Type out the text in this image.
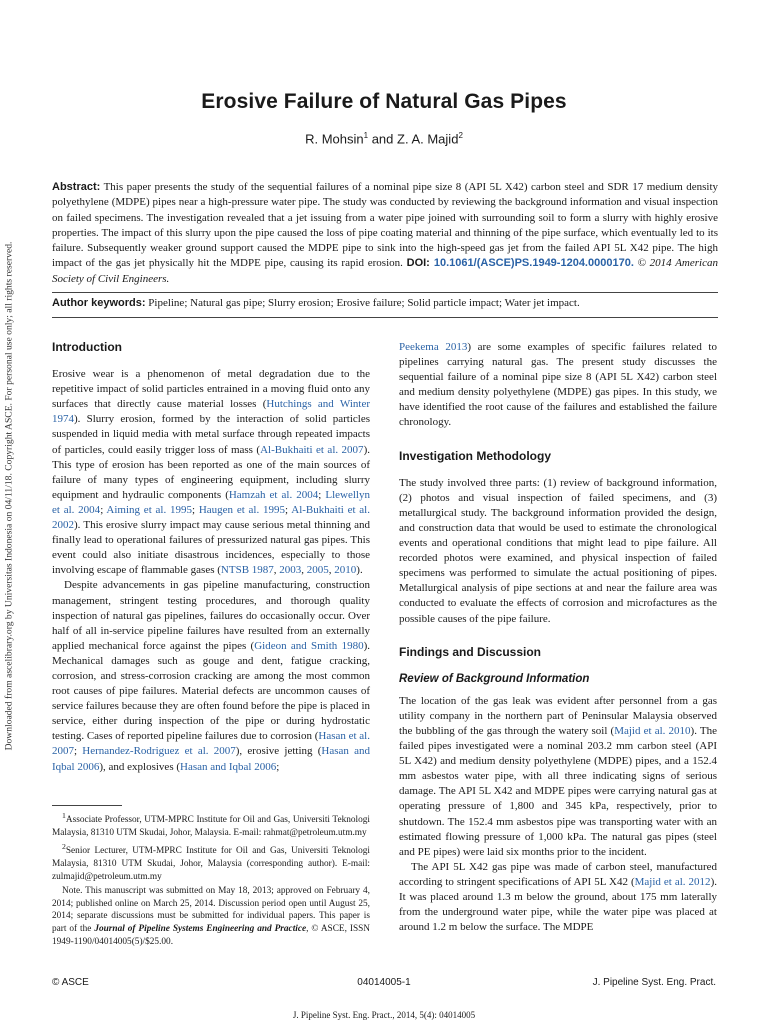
Downloaded from ascelibrary.org by Universitas Indonesia on 04/11/18. Copyright ASCE. For personal use only; all rights reserved.
Erosive Failure of Natural Gas Pipes
R. Mohsin$^1$ and Z. A. Majid$^2$
Abstract: This paper presents the study of the sequential failures of a nominal pipe size 8 (API 5L X42) carbon steel and SDR 17 medium density polyethylene (MDPE) pipes near a high-pressure water pipe. The study was conducted by reviewing the background information and visual inspection on failed specimens. The investigation revealed that a jet issuing from a water pipe joined with surrounding soil to form a slurry with highly erosive properties. The impact of this slurry upon the pipe caused the loss of pipe coating material and thinning of the pipe surface, which eventually led to its failure. Subsequently weaker ground support caused the MDPE pipe to sink into the high-speed gas jet from the failed API 5L X42 pipe. The high impact of the gas jet physically hit the MDPE pipe, causing its rapid erosion. DOI: 10.1061/(ASCE)PS.1949-1204.0000170. © 2014 American Society of Civil Engineers.
Author keywords: Pipeline; Natural gas pipe; Slurry erosion; Erosive failure; Solid particle impact; Water jet impact.
Introduction

Erosive wear is a phenomenon of metal degradation due to the repetitive impact of solid particles entrained in a moving fluid onto any surfaces that directly cause material losses (Hutchings and Winter 1974). Slurry erosion, formed by the interaction of solid particles suspended in liquid media with metal surface through repeated impacts of particles, could easily trigger loss of mass (Al-Bukhaiti et al. 2007). This type of erosion has been reported as one of the main sources of failure of many types of engineering equipment, including slurry equipment and hydraulic components (Hamzah et al. 2004; Llewellyn et al. 2004; Aiming et al. 1995; Haugen et al. 1995; Al-Bukhaiti et al. 2002). This erosive slurry impact may cause serious metal thinning and finally lead to operational failures of pressurized natural gas pipes. This event could also initiate disastrous incidences, especially to those involving escape of flammable gases (NTSB 1987, 2003, 2005, 2010).

Despite advancements in gas pipeline manufacturing, construction management, stringent testing procedures, and thorough quality inspection of natural gas pipelines, failures do occasionally occur. Over half of all in-service pipeline failures have resulted from an externally applied mechanical force against the pipes (Gideon and Smith 1980). Mechanical damages such as gouge and dent, fatigue cracking, corrosion, and stress-corrosion cracking are among the most common root causes of pipe failures. Material defects are uncommon causes of service failures because they are often found before the pipe is placed in service, either during inspection of the pipe or during hydrostatic testing. Cases of reported pipeline failures due to corrosion (Hasan et al. 2007; Hernandez-Rodriguez et al. 2007), erosive jetting (Hasan and Iqbal 2006), and explosives (Hasan and Iqbal 2006;

$^1$Associate Professor, UTM-MPRC Institute for Oil and Gas, Universiti Teknologi Malaysia, 81310 UTM Skudai, Johor, Malaysia. E-mail: rahmat@petroleum.utm.my

$^2$Senior Lecturer, UTM-MPRC Institute for Oil and Gas, Universiti Teknologi Malaysia, 81310 UTM Skudai, Johor, Malaysia (corresponding author). E-mail: zulmajid@petroleum.utm.my

Note. This manuscript was submitted on May 18, 2013; approved on February 4, 2014; published online on March 25, 2014. Discussion period open until August 25, 2014; separate discussions must be submitted for individual papers. This paper is part of the Journal of Pipeline Systems Engineering and Practice, © ASCE, ISSN 1949-1190/04014005(5)/$25.00.

Peekema 2013) are some examples of specific failures related to pipelines carrying natural gas. The present study discusses the sequential failure of a nominal pipe size 8 (API 5L X42) carbon steel and medium density polyethylene (MDPE) gas pipes. In this study, we have identified the root cause of the failures and established the failure chronology.

Investigation Methodology

The study involved three parts: (1) review of background information, (2) photos and visual inspection of failed specimens, and (3) metallurgical study. The background information provided the design, and construction data that would be used to estimate the chronological events and operational conditions that might lead to pipe failure. All recorded photos were examined, and physical inspection of failed specimens was performed to simulate the actual positioning of pipes. Metallurgical analysis of pipe sections at and near the failure area was conducted to evaluate the effects of corrosion and microfactures as the possible causes of the pipe failure.

Findings and Discussion
Review of Background Information

The location of the gas leak was evident after personnel from a gas utility company in the northern part of Peninsular Malaysia observed the bubbling of the gas through the watery soil (Majid et al. 2010). The failed pipes investigated were a nominal 203.2 mm carbon steel (API 5L X42) and medium density polyethylene (MDPE) pipes, and a 152.4 mm asbestos water pipe, with all three indicating signs of serious damage. The API 5L X42 and MDPE pipes were carrying natural gas at operating pressure of 1,800 and 345 kPa, respectively, prior to shutdown. The 152.4 mm asbestos pipe was transporting water with an estimated flowing pressure of 1,000 kPa. The natural gas pipes (steel and PE pipes) were laid six months prior to the incident.

The API 5L X42 gas pipe was made of carbon steel, manufactured according to stringent specifications of API 5L X42 (Majid et al. 2012). It was placed around 1.3 m below the ground, about 175 mm laterally from the underground water pipe, while the water pipe was placed at around 1.2 m below the surface. The MDPE

© ASCE	04014005-1	J. Pipeline Syst. Eng. Pract.
J. Pipeline Syst. Eng. Pract., 2014, 5(4): 04014005
